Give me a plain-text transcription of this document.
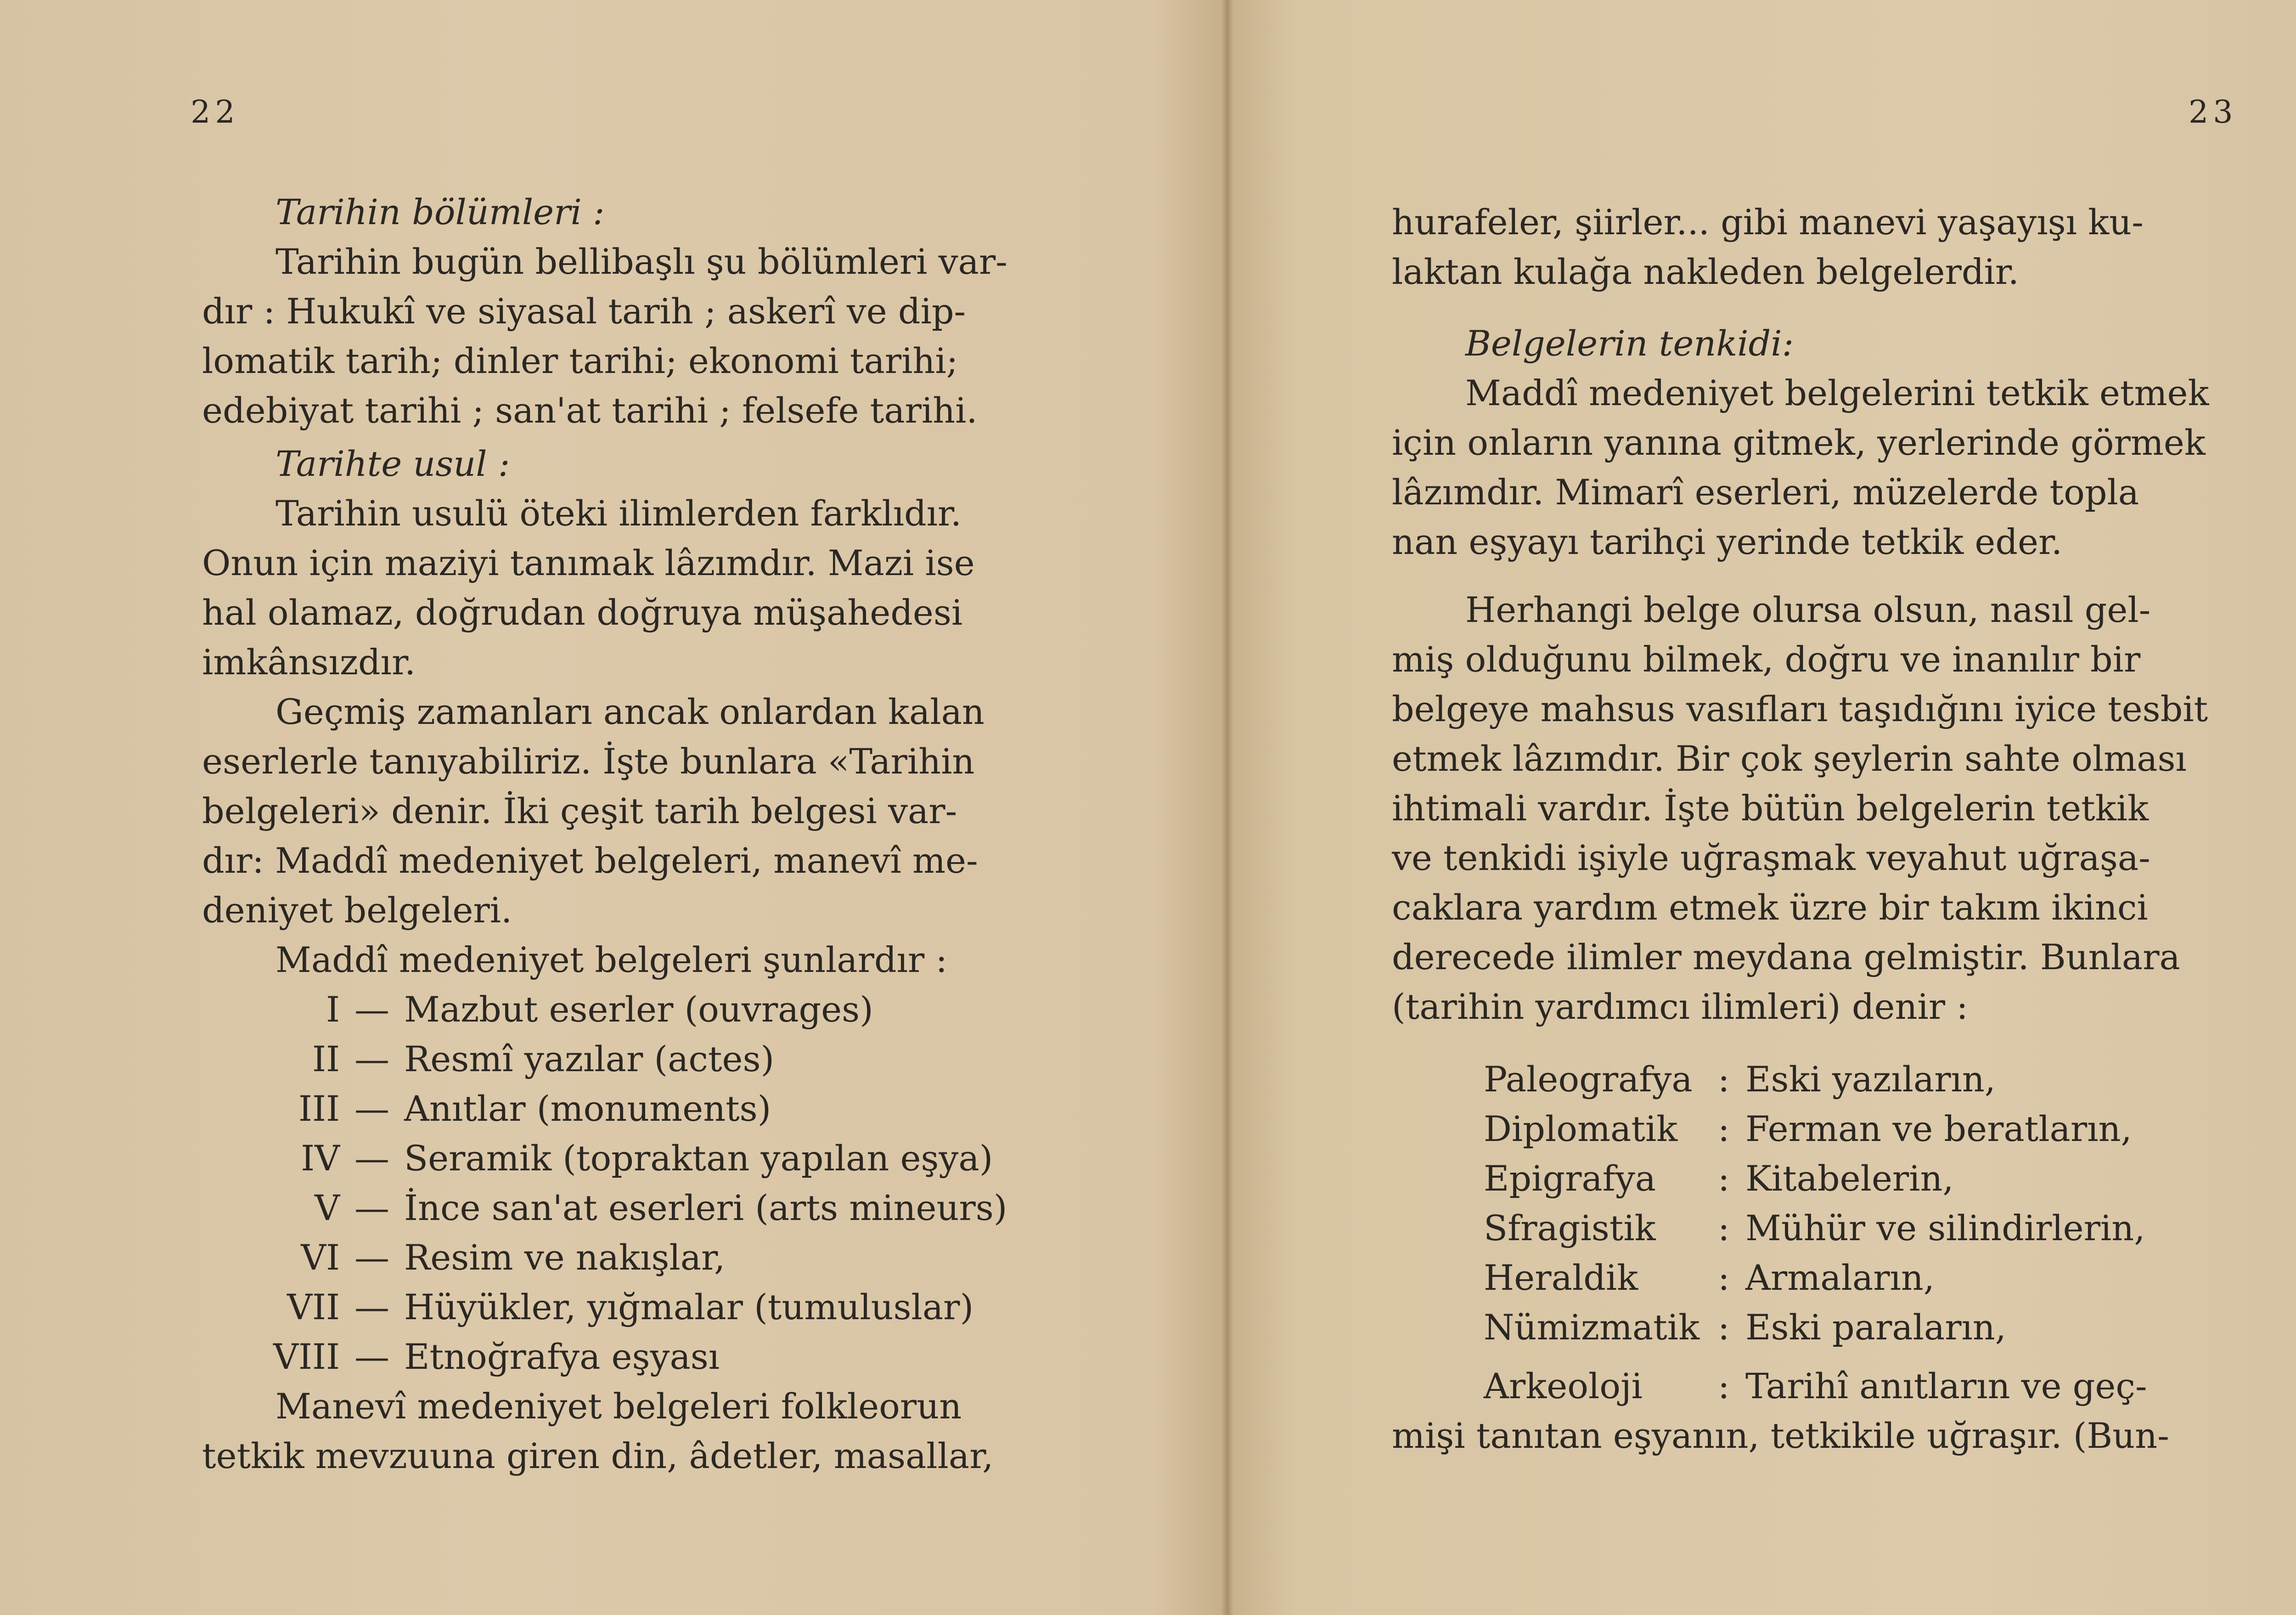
22
Tarihin bölümleri :
Tarihin bugün bellibaşlı şu bölümleri var-
dır : Hukukî ve siyasal tarih ; askerî ve dip-
lomatik tarih; dinler tarihi; ekonomi tarihi;
edebiyat tarihi ; san'at tarihi ; felsefe tarihi.
Tarihte usul :
Tarihin usulü öteki ilimlerden farklıdır.
Onun için maziyi tanımak lâzımdır. Mazi ise
hal olamaz, doğrudan doğruya müşahedesi
imkânsızdır.
Geçmiş zamanları ancak onlardan kalan
eserlerle tanıyabiliriz. İşte bunlara «Tarihin
belgeleri» denir. İki çeşit tarih belgesi var-
dır: Maddî medeniyet belgeleri, manevî me-
deniyet belgeleri.
Maddî medeniyet belgeleri şunlardır :
I — Mazbut eserler (ouvrages)
II — Resmî yazılar (actes)
III — Anıtlar (monuments)
IV — Seramik (topraktan yapılan eşya)
V — İnce san'at eserleri (arts mineurs)
VI — Resim ve nakışlar,
VII — Hüyükler, yığmalar (tumuluslar)
VIII — Etnoğrafya eşyası
Manevî medeniyet belgeleri folkleorun
tetkik mevzuuna giren din, âdetler, masallar,
23
hurafeler, şiirler... gibi manevi yaşayışı ku-
laktan kulağa nakleden belgelerdir.
Belgelerin tenkidi:
Maddî medeniyet belgelerini tetkik etmek
için onların yanına gitmek, yerlerinde görmek
lâzımdır. Mimarî eserleri, müzelerde topla
nan eşyayı tarihçi yerinde tetkik eder.
Herhangi belge olursa olsun, nasıl gel-
miş olduğunu bilmek, doğru ve inanılır bir
belgeye mahsus vasıfları taşıdığını iyice tesbit
etmek lâzımdır. Bir çok şeylerin sahte olması
ihtimali vardır. İşte bütün belgelerin tetkik
ve tenkidi işiyle uğraşmak veyahut uğraşa-
caklara yardım etmek üzre bir takım ikinci
derecede ilimler meydana gelmiştir. Bunlara
(tarihin yardımcı ilimleri) denir :
Paleografya : Eski yazıların,
Diplomatik : Ferman ve beratların,
Epigrafya : Kitabelerin,
Sfragistik : Mühür ve silindirlerin,
Heraldik : Armaların,
Nümizmatik : Eski paraların,
Arkeoloji : Tarihî anıtların ve geç-
mişi tanıtan eşyanın, tetkikile uğraşır. (Bun-
